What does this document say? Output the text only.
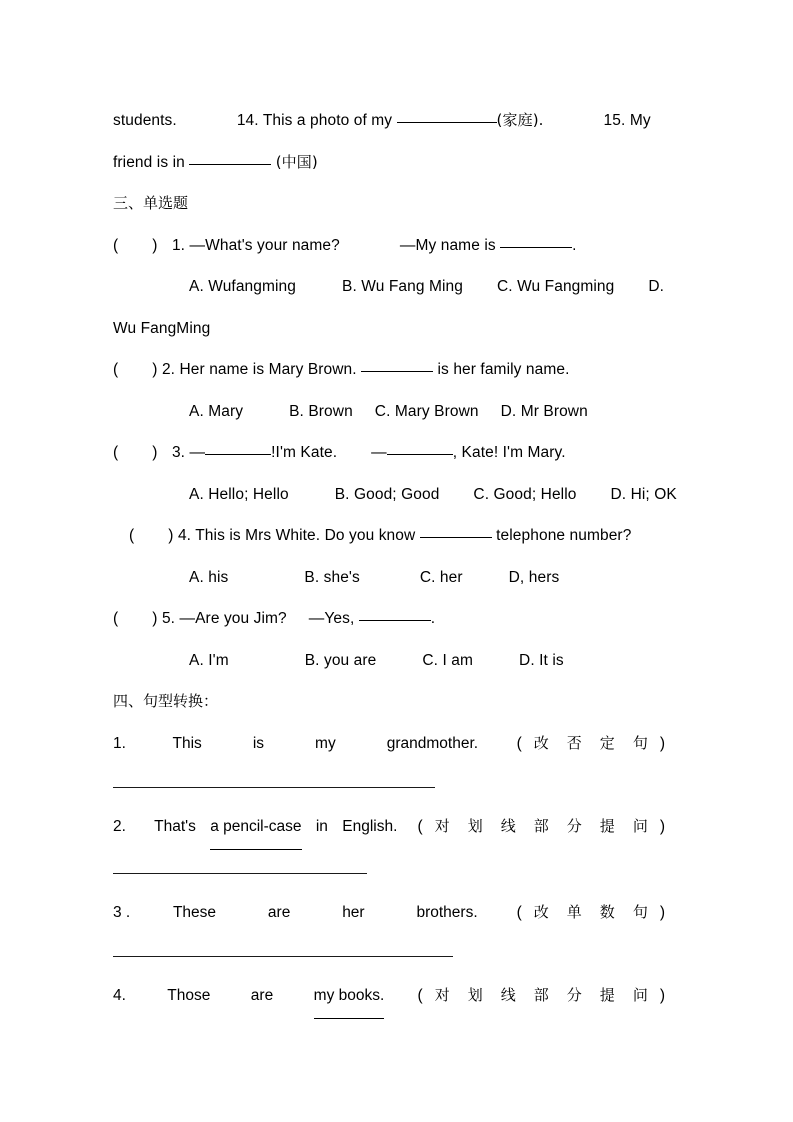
students.	14. This a photo of my	(家庭).	15. My
friend is in	(中国)
三、单选题
( ) 1. —What's your name?	—My name is	.
A. Wufangming	B. Wu Fang Ming C. Wu Fangming D.
Wu FangMing
( ) 2. Her name is Mary Brown.	is her family name.
A. Mary	B. Brown C. Mary Brown D. Mr Brown
( ) 3. —	!I'm Kate. —	, Kate! I'm Mary.
A. Hello; Hello	B. Good; Good C. Good; Hello D. Hi; OK
( ) 4. This is Mrs White. Do you know	telephone number?
A. his	B. she's	C. her	D, hers
( ) 5. —Are you Jim? —Yes,	.
A. I'm	B. you are	C. I am	D. It is
四、句型转换：
1.	This	is	my	grandmother. ( 改	否	定	句 )
2.	That's a pencil-case in English. ( 对	划	线	部	分	提	问 )
3 .	These	are	her	brothers.	( 改	单	数	句 )
4.	Those	are	my books. ( 对	划	线	部	分	提	问 )
